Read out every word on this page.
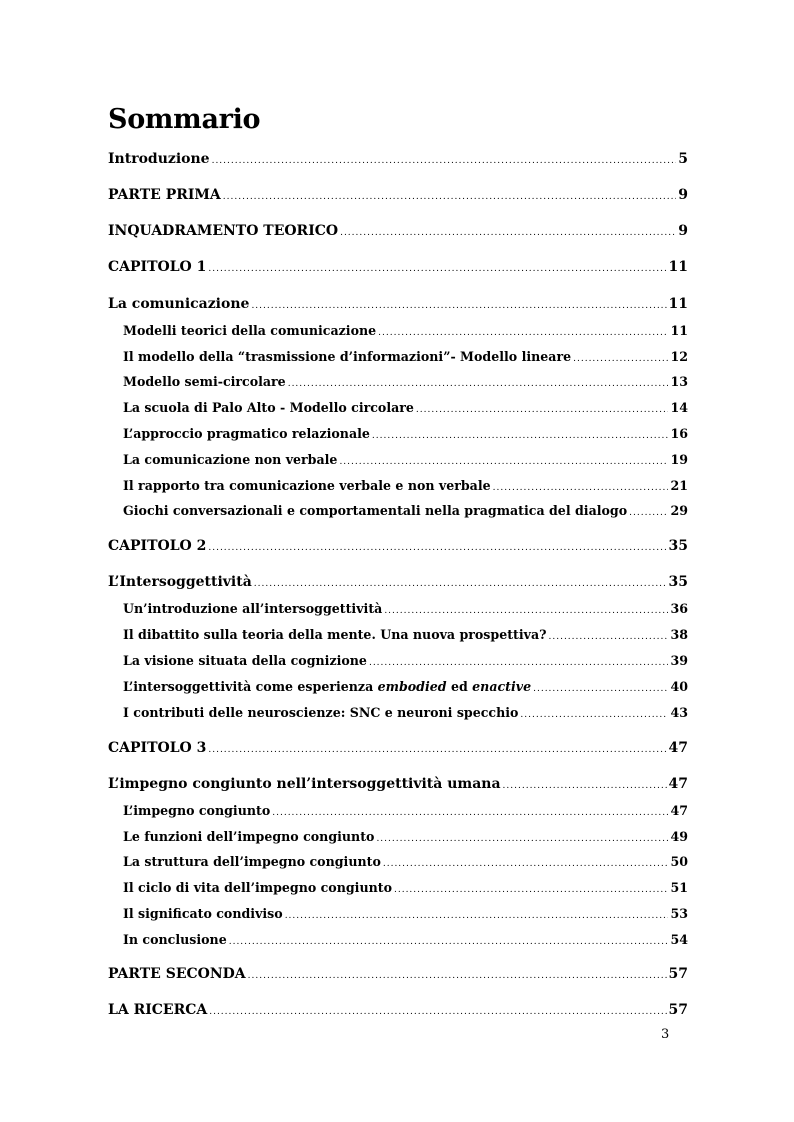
Sommario
Introduzione .....	5
PARTE PRIMA .....	9
INQUADRAMENTO TEORICO .....	9
CAPITOLO 1 .....	11
La comunicazione .....	11
Modelli teorici della comunicazione .....	11
Il modello della “trasmissione d’informazioni”- Modello lineare .....	12
Modello semi-circolare .....	13
La scuola di Palo Alto - Modello circolare .....	14
L’approccio pragmatico relazionale .....	16
La comunicazione non verbale .....	19
Il rapporto tra comunicazione verbale e non verbale .....	21
Giochi conversazionali e comportamentali nella pragmatica del dialogo .....	29
CAPITOLO 2 .....	35
L’Intersoggettività .....	35
Un’introduzione all’intersoggettività .....	36
Il dibattito sulla teoria della mente. Una nuova prospettiva? .....	38
La visione situata della cognizione .....	39
L’intersoggettività come esperienza embodied ed enactive .....	40
I contributi delle neuroscienze: SNC e neuroni specchio .....	43
CAPITOLO 3 .....	47
L’impegno congiunto nell’intersoggettività umana .....	47
L’impegno congiunto .....	47
Le funzioni dell’impegno congiunto .....	49
La struttura dell’impegno congiunto .....	50
Il ciclo di vita dell’impegno congiunto .....	51
Il significato condiviso .....	53
In conclusione .....	54
PARTE SECONDA .....	57
LA RICERCA .....	57
3
